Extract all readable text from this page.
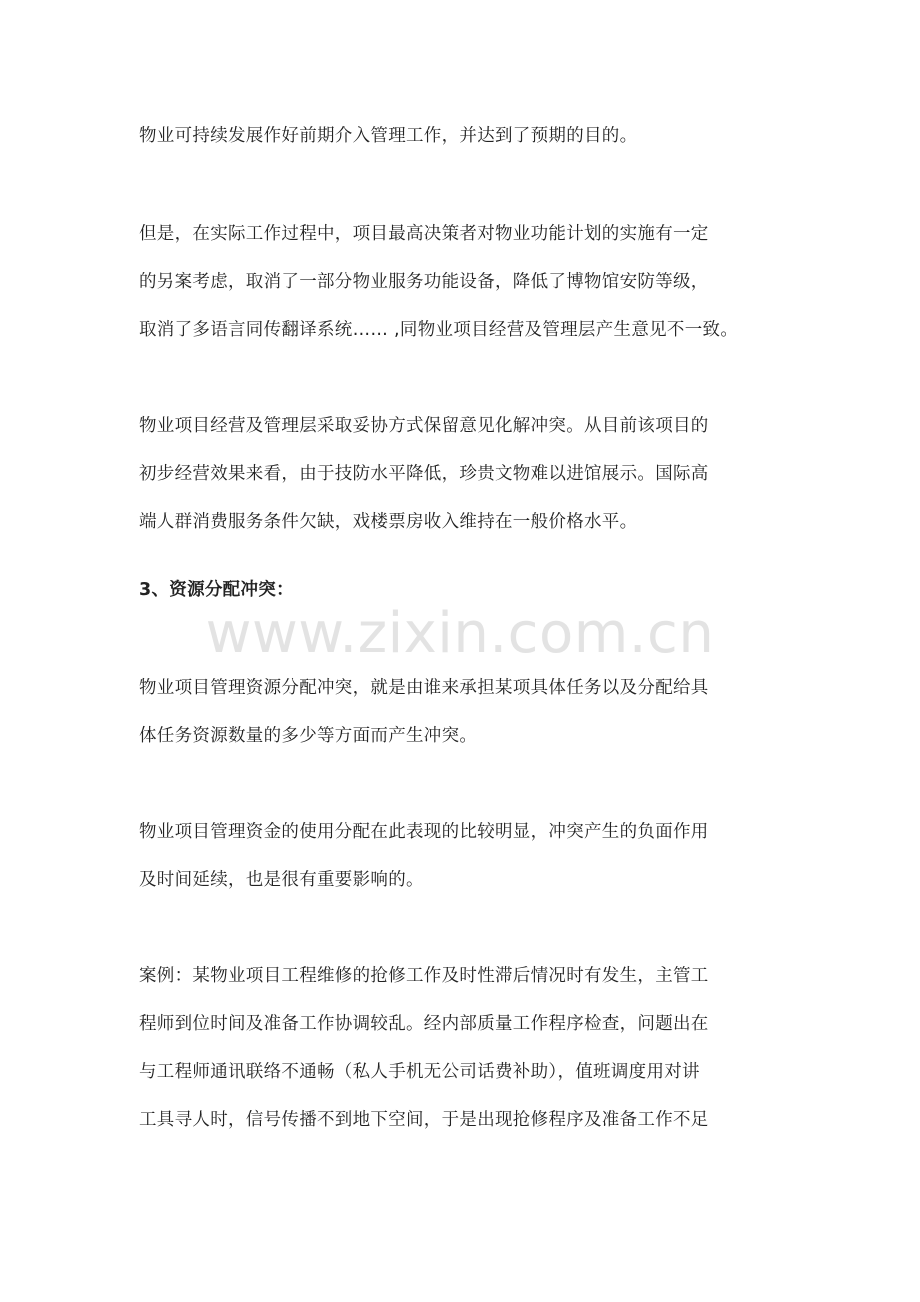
物业可持续发展作好前期介入管理工作，并达到了预期的目的。
但是，在实际工作过程中，项目最高决策者对物业功能计划的实施有一定
的另案考虑，取消了一部分物业服务功能设备，降低了博物馆安防等级，
取消了多语言同传翻译系统…… ,同物业项目经营及管理层产生意见不一致。
物业项目经营及管理层采取妥协方式保留意见化解冲突。从目前该项目的
初步经营效果来看，由于技防水平降低，珍贵文物难以进馆展示。国际高
端人群消费服务条件欠缺，戏楼票房收入维持在一般价格水平。
3、资源分配冲突：
www.zixin.com.cn
物业项目管理资源分配冲突，就是由谁来承担某项具体任务以及分配给具
体任务资源数量的多少等方面而产生冲突。
物业项目管理资金的使用分配在此表现的比较明显，冲突产生的负面作用
及时间延续，也是很有重要影响的。
案例：某物业项目工程维修的抢修工作及时性滞后情况时有发生，主管工
程师到位时间及准备工作协调较乱。经内部质量工作程序检查，问题出在
与工程师通讯联络不通畅（私人手机无公司话费补助），值班调度用对讲
工具寻人时，信号传播不到地下空间，于是出现抢修程序及准备工作不足
